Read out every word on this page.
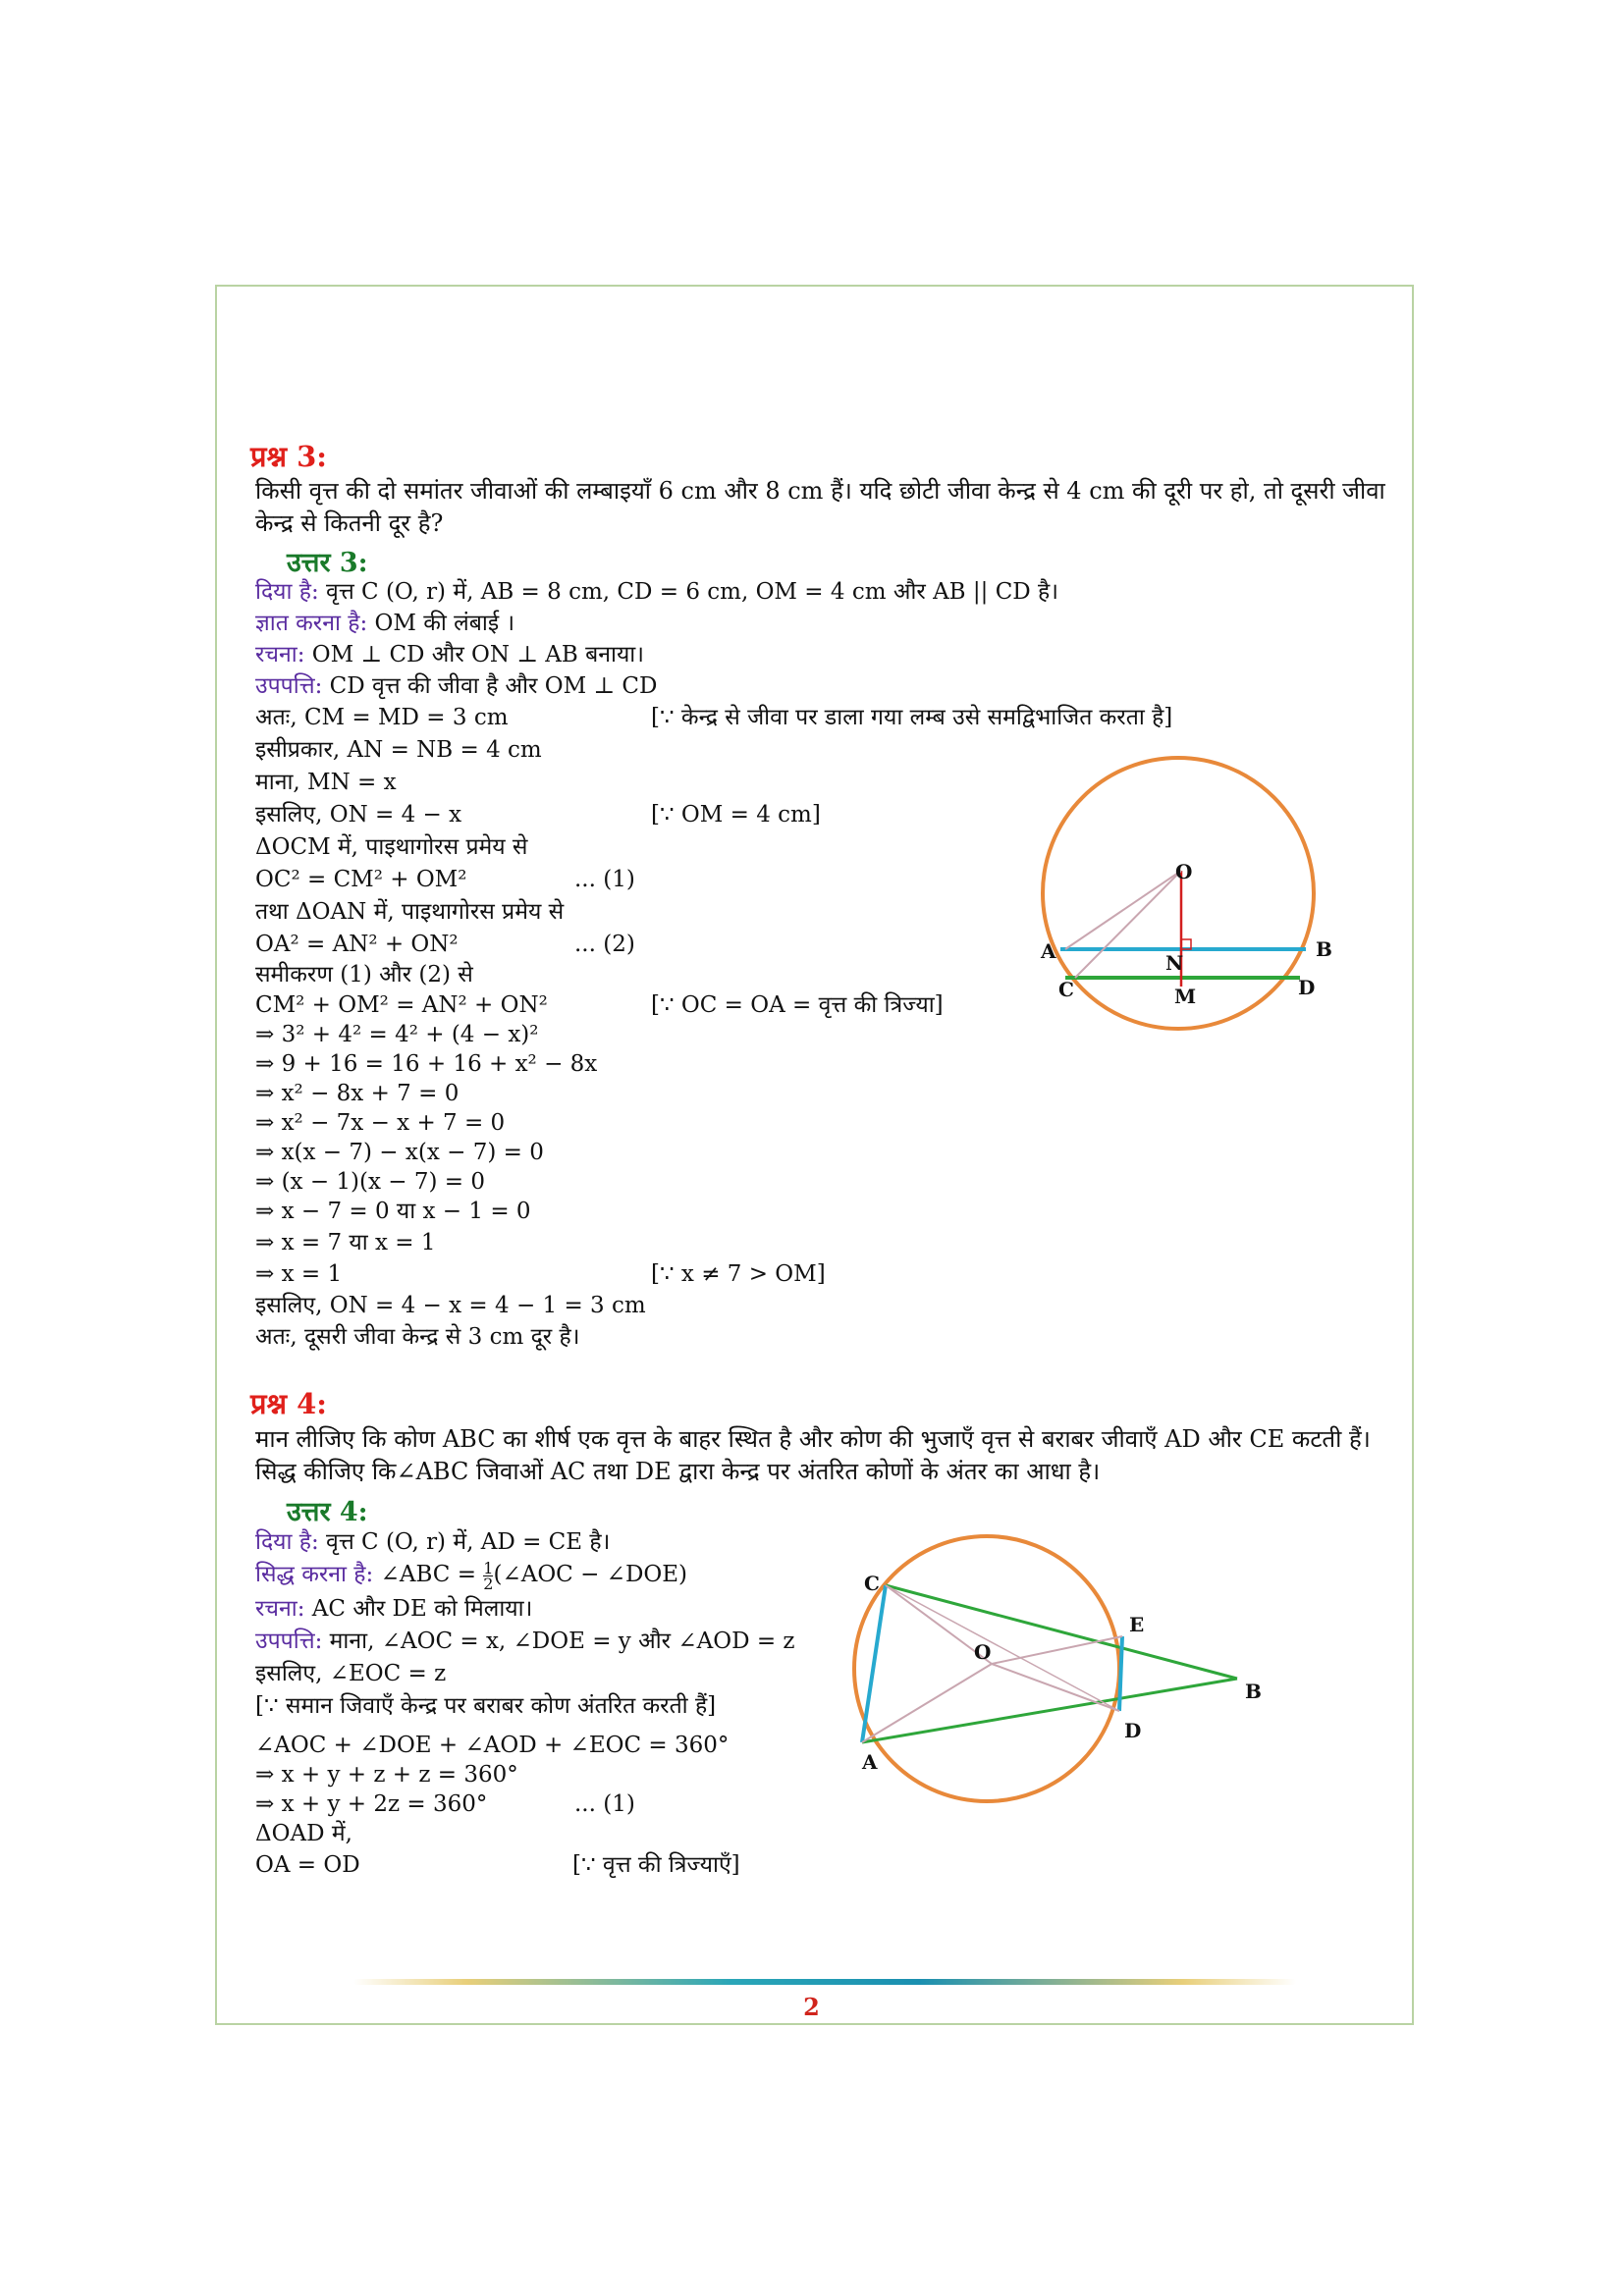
प्रश्न 3:
किसी वृत्त की दो समांतर जीवाओं की लम्बाइयाँ 6 cm और 8 cm हैं। यदि छोटी जीवा केन्द्र से 4 cm की दूरी पर हो, तो दूसरी जीवा केन्द्र से कितनी दूर है?
उत्तर 3:
दिया है: वृत्त C (O, r) में, AB = 8 cm, CD = 6 cm, OM = 4 cm और AB || CD है।
ज्ञात करना है: OM की लंबाई ।
रचना: OM ⊥ CD और ON ⊥ AB बनाया।
उपपत्ति: CD वृत्त की जीवा है और OM ⊥ CD
अतः, CM = MD = 3 cm
इसीप्रकार, AN = NB = 4 cm
माना, MN = x
इसलिए, ON = 4 − x
ΔOCM में, पाइथागोरस प्रमेय से
OC² = CM² + OM²
तथा ΔOAN में, पाइथागोरस प्रमेय से
OA² = AN² + ON²
समीकरण (1) और (2) से
CM² + OM² = AN² + ON²
⇒ 3² + 4² = 4² + (4 − x)²
⇒ 9 + 16 = 16 + 16 + x² − 8x
⇒ x² − 8x + 7 = 0
⇒ x² − 7x − x + 7 = 0
⇒ x(x − 7) − x(x − 7) = 0
⇒ (x − 1)(x − 7) = 0
⇒ x − 7 = 0 या x − 1 = 0
⇒ x = 7 या x = 1
⇒ x = 1
इसलिए, ON = 4 − x = 4 − 1 = 3 cm
अतः, दूसरी जीवा केन्द्र से 3 cm दूर है।
[∵ केन्द्र से जीवा पर डाला गया लम्ब उसे समद्विभाजित करता है]
[∵ OM = 4 cm]
... (1)
... (2)
[∵ OC = OA = वृत्त की त्रिज्या]
[∵ x ≠ 7 > OM]
O
A	B
N
C	M	D
प्रश्न 4:
मान लीजिए कि कोण ABC का शीर्ष एक वृत्त के बाहर स्थित है और कोण की भुजाएँ वृत्त से बराबर जीवाएँ AD और CE कटती हैं। सिद्ध कीजिए कि∠ABC जिवाओं AC तथा DE द्वारा केन्द्र पर अंतरित कोणों के अंतर का आधा है।
उत्तर 4:
दिया है: वृत्त C (O, r) में, AD = CE है।
सिद्ध करना है: ∠ABC = $\frac{1}{2}$ (∠AOC − ∠DOE)
रचना: AC और DE को मिलाया।
उपपत्ति: माना, ∠AOC = x, ∠DOE = y और ∠AOD = z
इसलिए, ∠EOC = z
[∵ समान जिवाएँ केन्द्र पर बराबर कोण अंतरित करती हैं]
∠AOC + ∠DOE + ∠AOD + ∠EOC = 360°
⇒ x + y + z + z = 360°
⇒ x + y + 2z = 360°
ΔOAD में,
OA = OD
... (1)
[∵ वृत्त की त्रिज्याएँ]
C
E
O
B
D
A
2
